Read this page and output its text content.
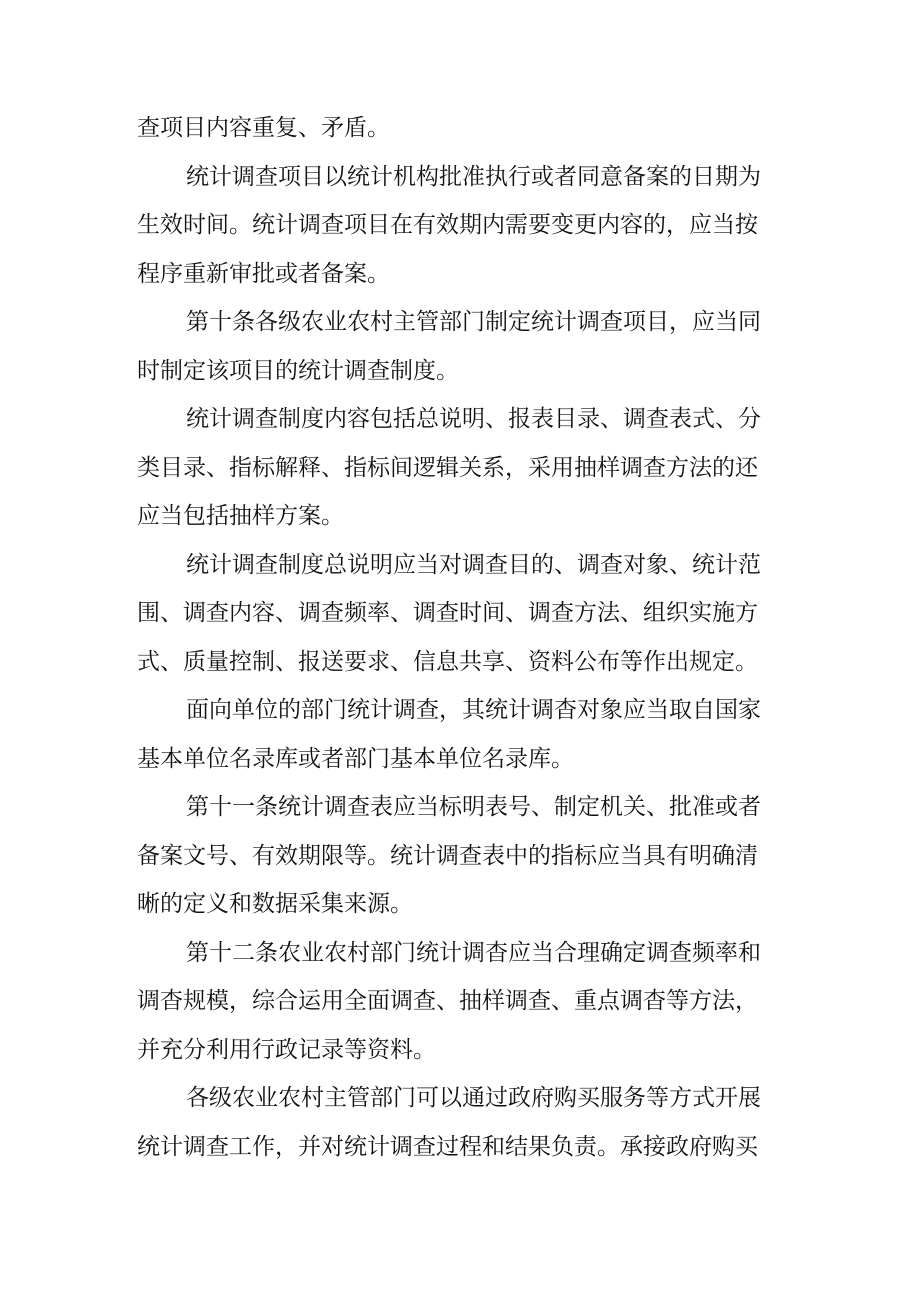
查项目内容重复、矛盾。
统计调查项目以统计机构批准执行或者同意备案的日期为
生效时间。统计调查项目在有效期内需要变更内容的，应当按
程序重新审批或者备案。
第十条各级农业农村主管部门制定统计调查项目，应当同
时制定该项目的统计调查制度。
统计调查制度内容包括总说明、报表目录、调查表式、分
类目录、指标解释、指标间逻辑关系，采用抽样调查方法的还
应当包括抽样方案。
统计调查制度总说明应当对调查目的、调查对象、统计范
围、调查内容、调查频率、调查时间、调查方法、组织实施方
式、质量控制、报送要求、信息共享、资料公布等作出规定。
面向单位的部门统计调查，其统计调杳对象应当取自国家
基本单位名录库或者部门基本单位名录库。
第十一条统计调查表应当标明表号、制定机关、批准或者
备案文号、有效期限等。统计调查表中的指标应当具有明确清
晰的定义和数据采集来源。
第十二条农业农村部门统计调杳应当合理确定调查频率和
调杳规模，综合运用全面调查、抽样调查、重点调杳等方法，
并充分利用行政记录等资料。
各级农业农村主管部门可以通过政府购买服务等方式开展
统计调查工作，并对统计调查过程和结果负责。承接政府购买
